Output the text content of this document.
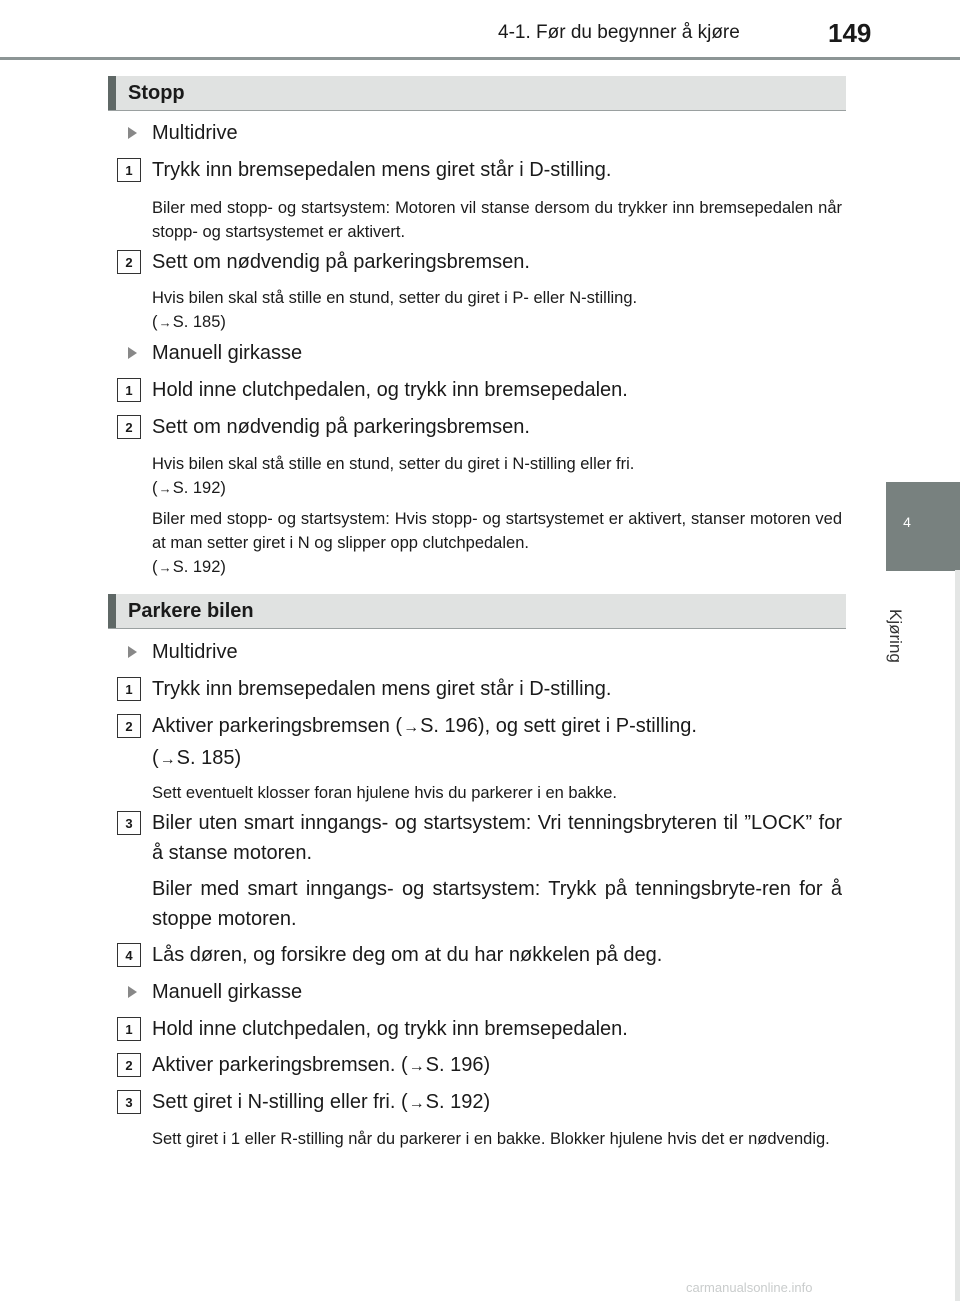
4-1. Før du begynner å kjøre	149
4
Kjøring
Stopp
Multidrive
1 Trykk inn bremsepedalen mens giret står i D-stilling.
Biler med stopp- og startsystem: Motoren vil stanse dersom du trykker inn bremsepedalen når stopp- og startsystemet er aktivert.
2 Sett om nødvendig på parkeringsbremsen.
Hvis bilen skal stå stille en stund, setter du giret i P- eller N-stilling.
(→S. 185)
Manuell girkasse
1 Hold inne clutchpedalen, og trykk inn bremsepedalen.
2 Sett om nødvendig på parkeringsbremsen.
Hvis bilen skal stå stille en stund, setter du giret i N-stilling eller fri.
(→S. 192)
Biler med stopp- og startsystem: Hvis stopp- og startsystemet er aktivert, stanser motoren ved at man setter giret i N og slipper opp clutchpedalen.
(→S. 192)
Parkere bilen
Multidrive
1 Trykk inn bremsepedalen mens giret står i D-stilling.
2 Aktiver parkeringsbremsen (→S. 196), og sett giret i P-stilling.
(→S. 185)
Sett eventuelt klosser foran hjulene hvis du parkerer i en bakke.
3 Biler uten smart inngangs- og startsystem: Vri tenningsbryteren til ”LOCK” for å stanse motoren.
Biler med smart inngangs- og startsystem: Trykk på tenningsbryte-ren for å stoppe motoren.
4 Lås døren, og forsikre deg om at du har nøkkelen på deg.
Manuell girkasse
1 Hold inne clutchpedalen, og trykk inn bremsepedalen.
2 Aktiver parkeringsbremsen. (→S. 196)
3 Sett giret i N-stilling eller fri. (→S. 192)
Sett giret i 1 eller R-stilling når du parkerer i en bakke. Blokker hjulene hvis det er nødvendig.
carmanualsonline.info
